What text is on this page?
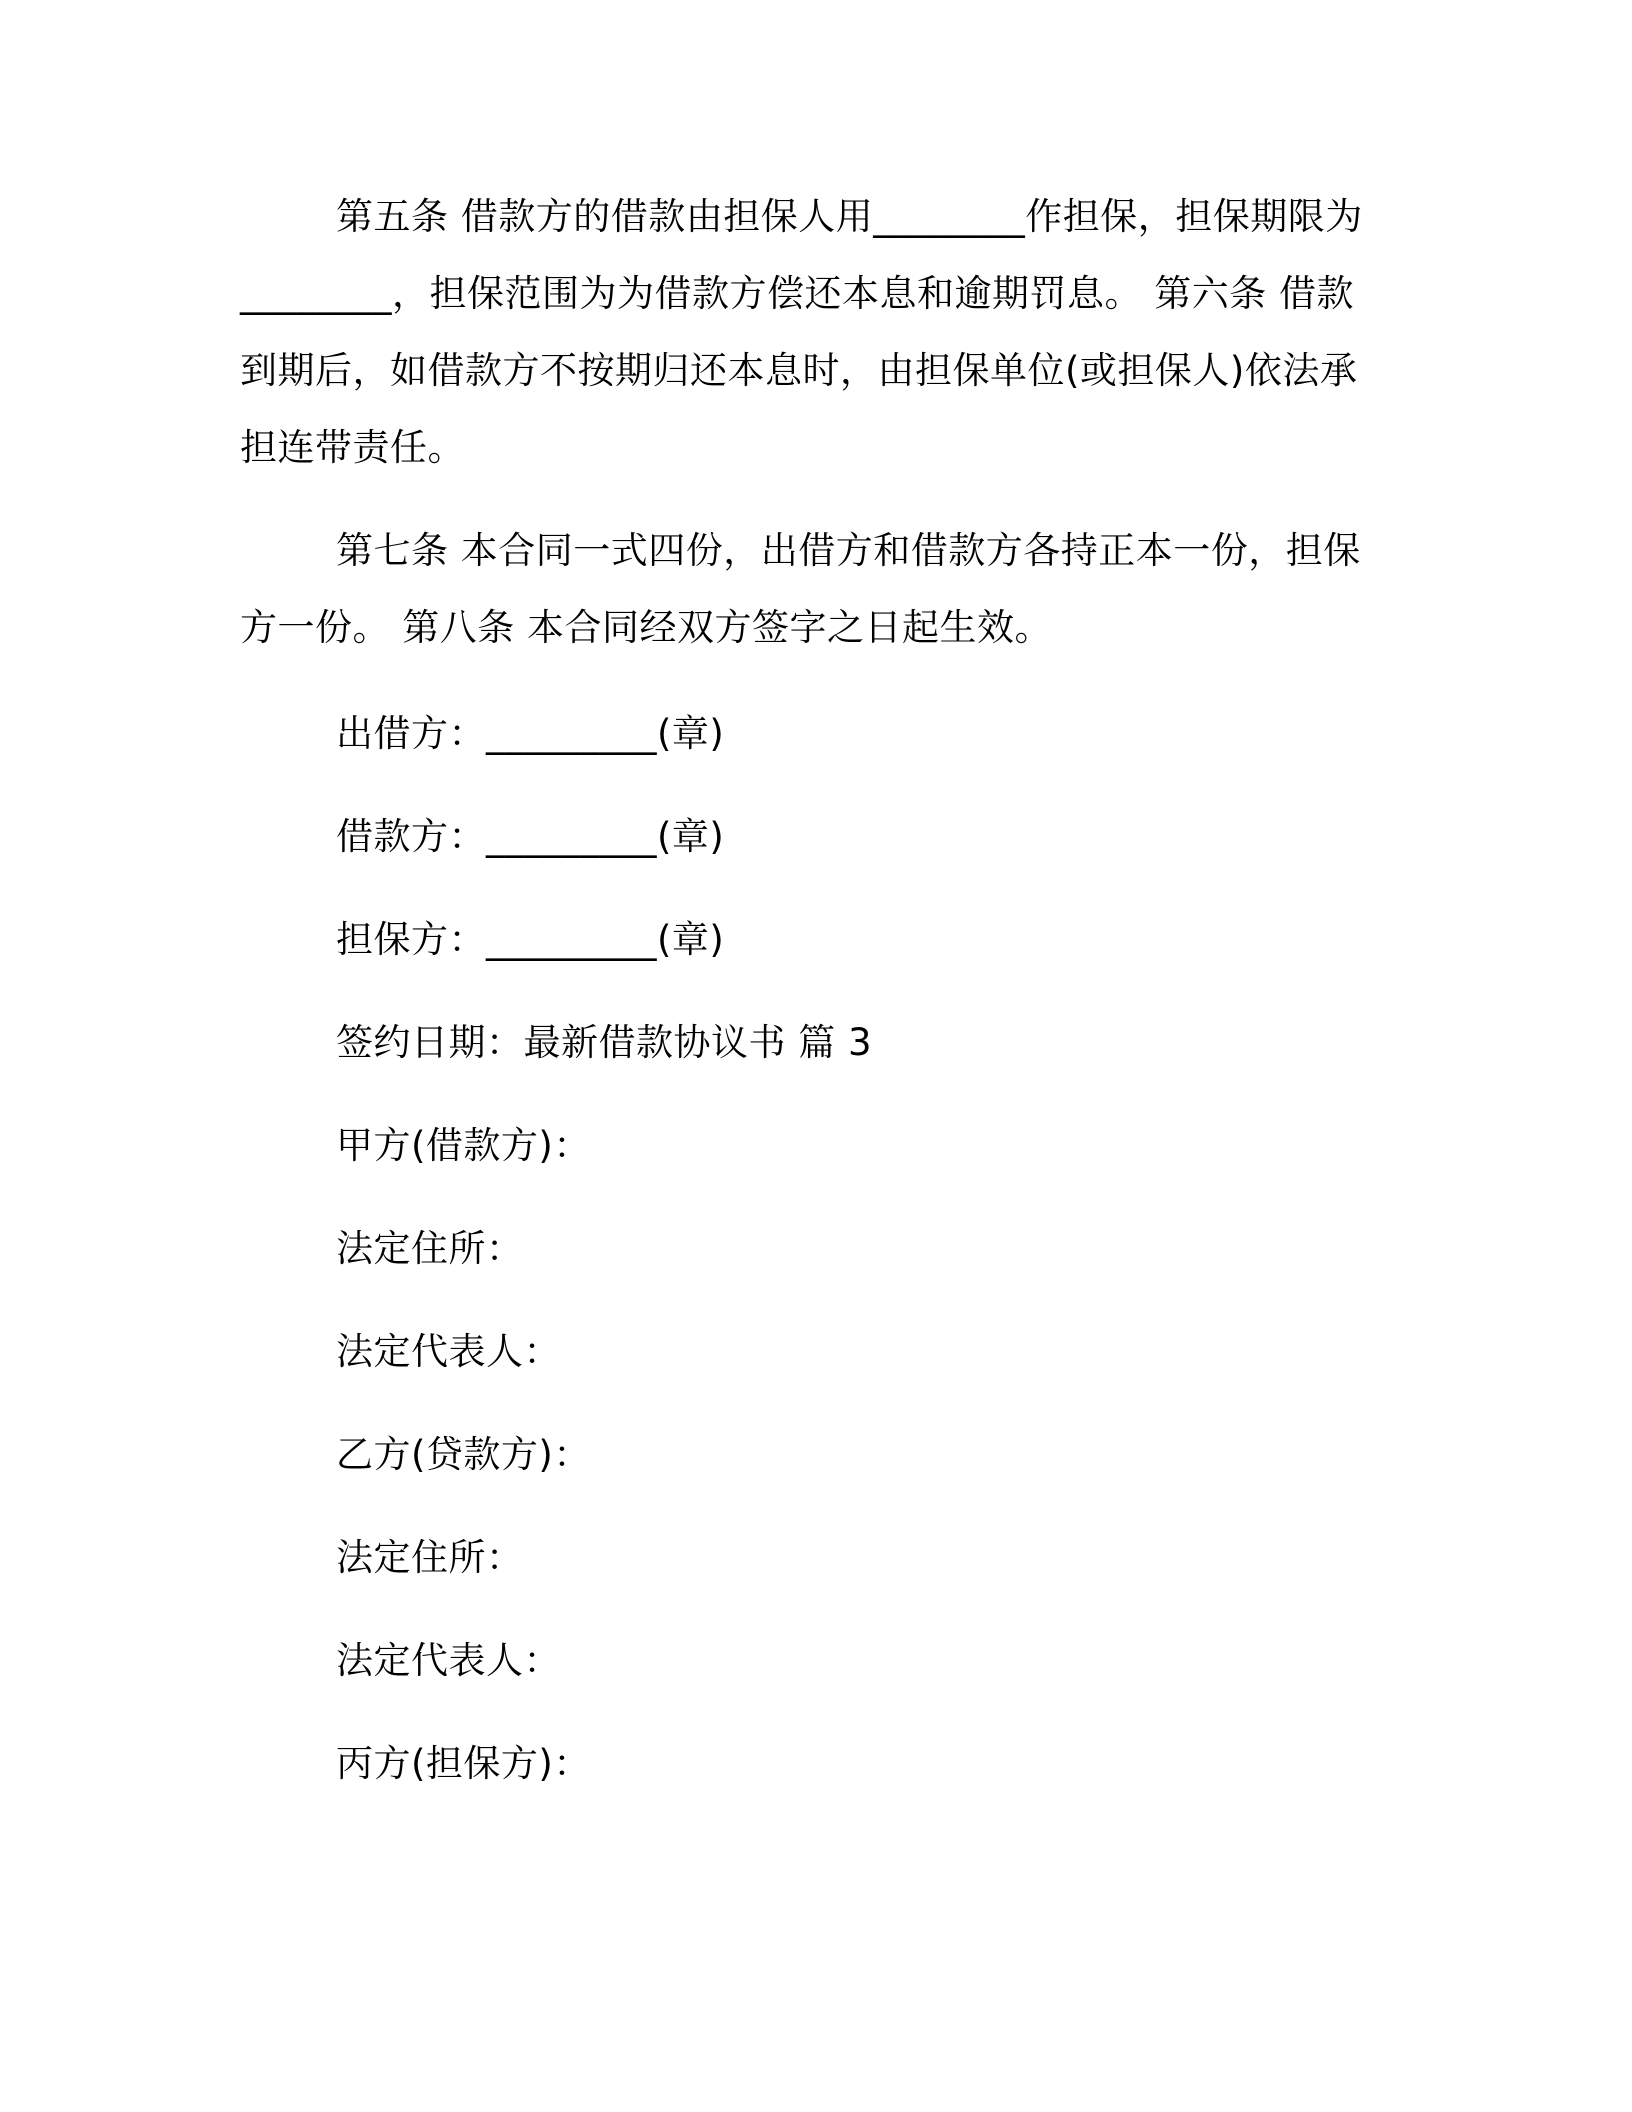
第五条 借款方的借款由担保人用________作担保，担保期限为________，担保范围为为借款方偿还本息和逾期罚息。 第六条 借款到期后，如借款方不按期归还本息时，由担保单位(或担保人)依法承担连带责任。

第七条 本合同一式四份，出借方和借款方各持正本一份，担保方一份。 第八条 本合同经双方签字之日起生效。

出借方：_________(章)
借款方：_________(章)
担保方：_________(章)
签约日期：最新借款协议书 篇 3
甲方(借款方)：
法定住所：
法定代表人：
乙方(贷款方)：
法定住所：
法定代表人：
丙方(担保方)：
